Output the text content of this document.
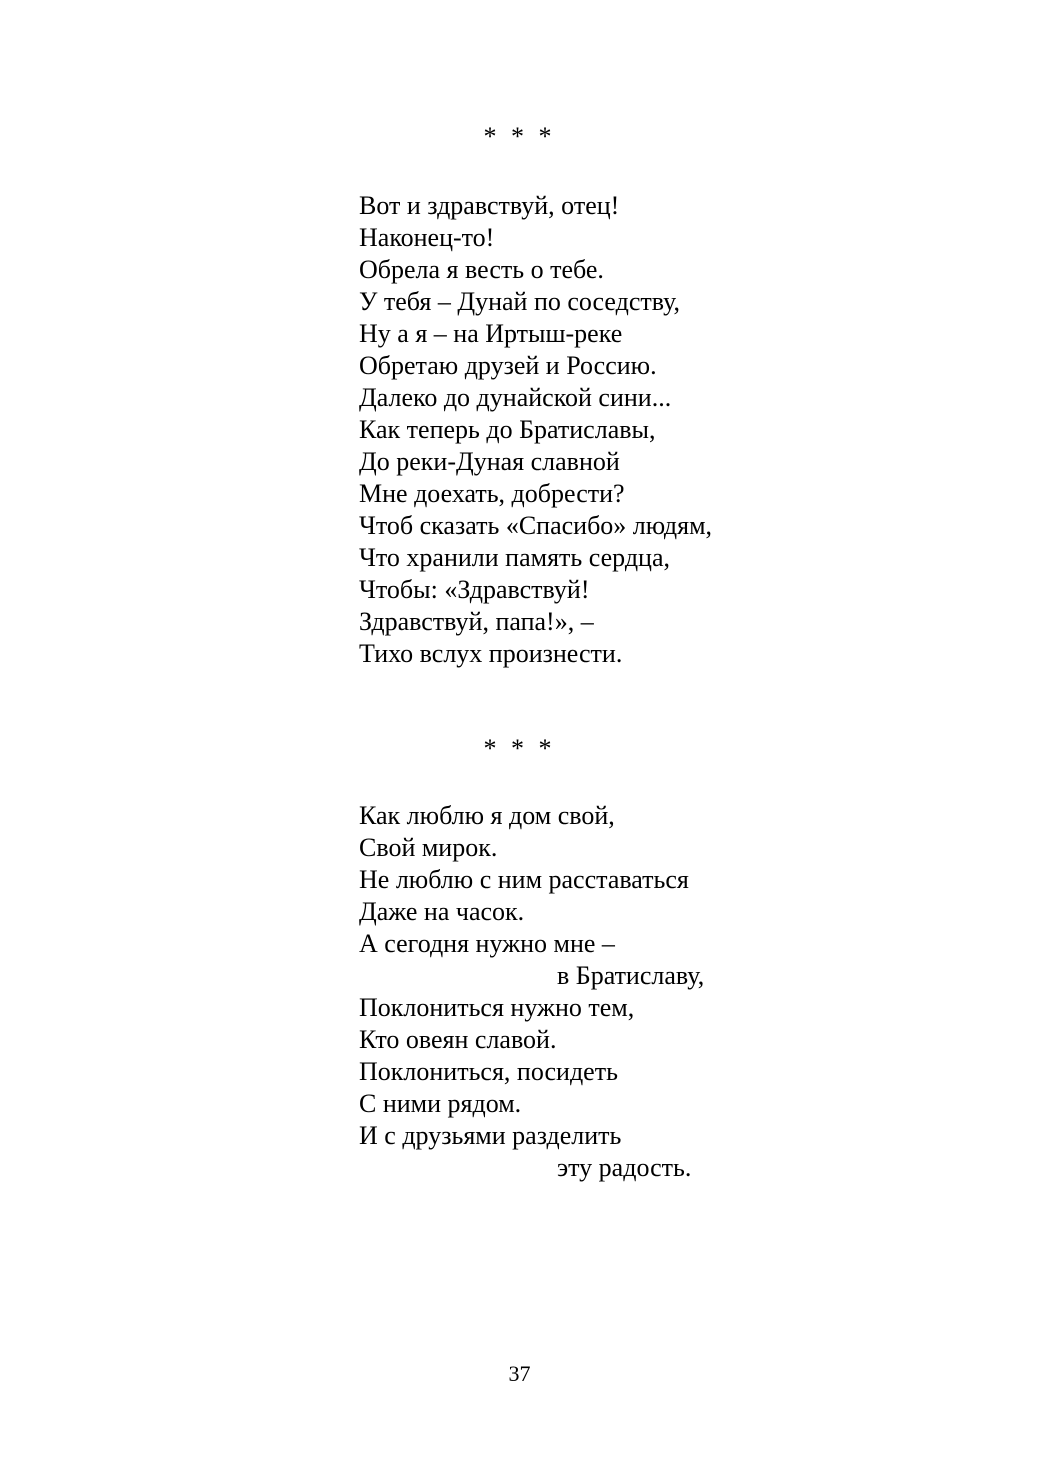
* * *
Вот и здравствуй, отец!
Наконец-то!
Обрела я весть о тебе.
У тебя – Дунай по соседству,
Ну а я – на Иртыш-реке
Обретаю друзей и Россию.
Далеко до дунайской сини...
Как теперь до Братиславы,
До реки-Дуная славной
Мне доехать, добрести?
Чтоб сказать «Спасибо» людям,
Что хранили память сердца,
Чтобы: «Здравствуй!
Здравствуй, папа!», –
Тихо вслух произнести.
* * *
Как люблю я дом свой,
Свой мирок.
Не люблю с ним расставаться
Даже на часок.
А сегодня нужно мне –
в Братиславу,
Поклониться нужно тем,
Кто овеян славой.
Поклониться, посидеть
С ними рядом.
И с друзьями разделить
эту радость.
37
